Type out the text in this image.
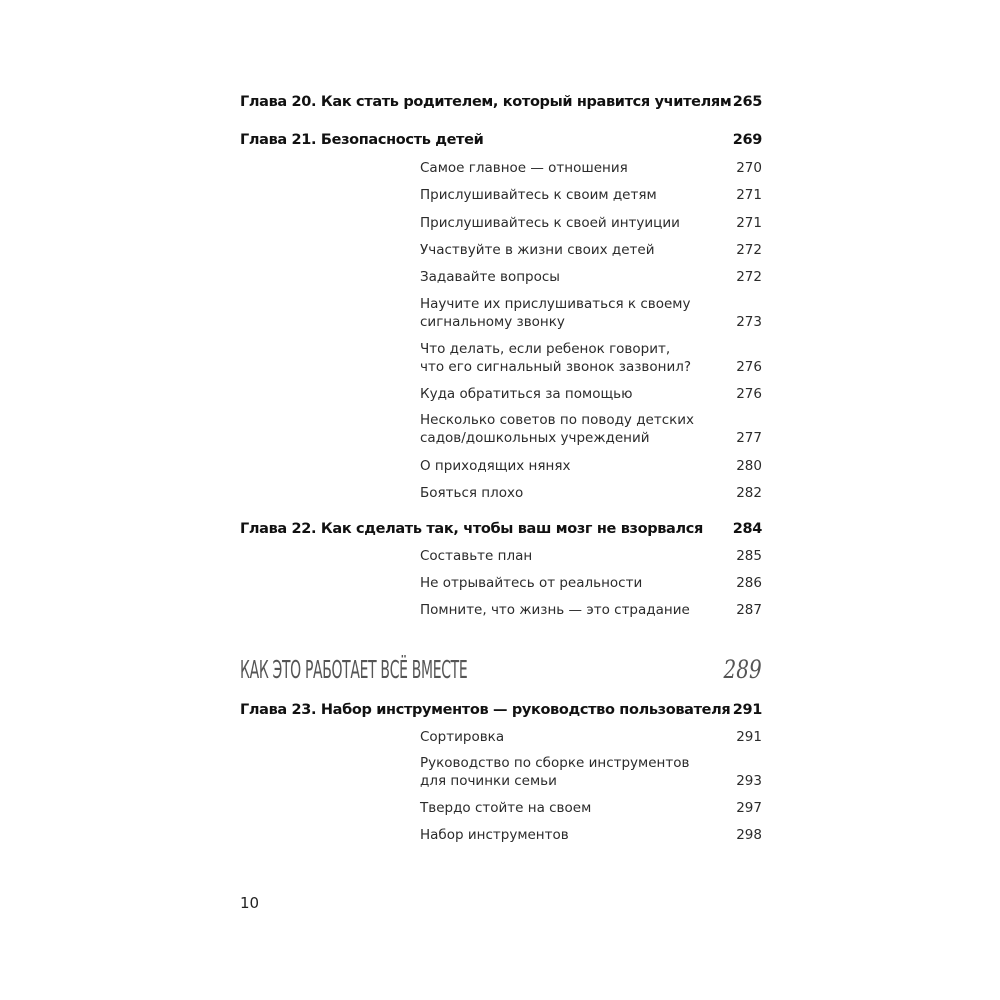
Глава 20. Как стать родителем, который нравится учителям 265
Глава 21. Безопасность детей	269
Самое главное — отношения	270
Прислушивайтесь к своим детям	271
Прислушивайтесь к своей интуиции	271
Участвуйте в жизни своих детей	272
Задавайте вопросы	272
Научите их прислушиваться к своему
сигнальному звонку	273
Что делать, если ребенок говорит,
что его сигнальный звонок зазвонил?	276
Куда обратиться за помощью	276
Несколько советов по поводу детских
садов/дошкольных учреждений	277
О приходящих нянях	280
Бояться плохо	282
Глава 22. Как сделать так, чтобы ваш мозг не взорвался 284
Составьте план	285
Не отрывайтесь от реальности	286
Помните, что жизнь — это страдание	287
КАК ЭТО РАБОТАЕТ ВСЁ ВМЕСТЕ	289
Глава 23. Набор инструментов — руководство пользователя 291
Сортировка	291
Руководство по сборке инструментов
для починки семьи	293
Твердо стойте на своем	297
Набор инструментов	298
10
